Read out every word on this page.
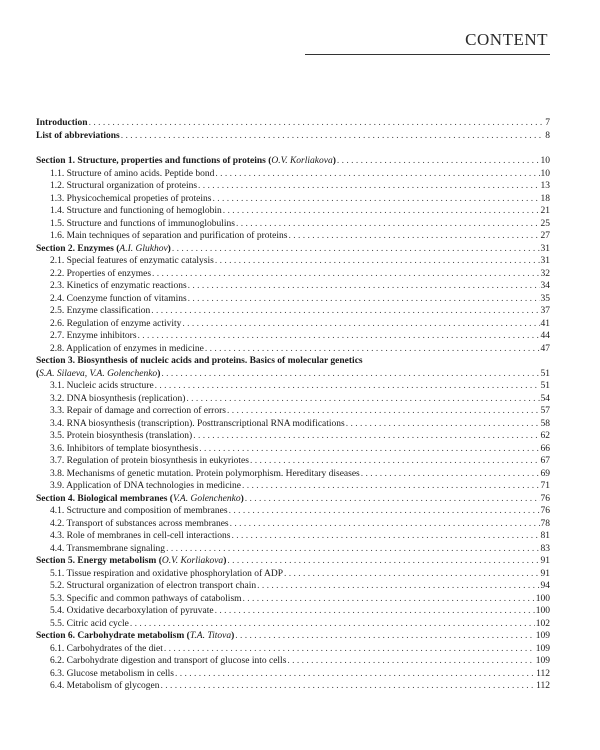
CONTENT
Introduction . . .	7
List of abbreviations . . .	8
Section 1. Structure, properties and functions of proteins (O.V. Korliakova) . . .	10
1.1. Structure of amino acids. Peptide bond . . .	10
1.2. Structural organization of proteins . . .	13
1.3. Physicochemical propeties of proteins . . .	18
1.4. Structure and functioning of hemoglobin . . .	21
1.5. Structure and functions of immunoglobulins . . .	25
1.6. Main techniques of separation and purification of proteins . . .	27
Section 2. Enzymes (A.I. Glukhov) . . .	31
2.1. Special features of enzymatic catalysis . . .	31
2.2. Properties of enzymes . . .	32
2.3. Kinetics of enzymatic reactions . . .	34
2.4. Coenzyme function of vitamins . . .	35
2.5. Enzyme classification . . .	37
2.6. Regulation of enzyme activity . . .	41
2.7. Enzyme inhibitors . . .	44
2.8. Application of enzymes in medicine . . .	47
Section 3. Biosynthesis of nucleic acids and proteins. Basics of molecular genetics
(S.A. Silaeva, V.A. Golenchenko) . . .	51
3.1. Nucleic acids structure . . .	51
3.2. DNA biosynthesis (replication) . . .	54
3.3. Repair of damage and correction of errors . . .	57
3.4. RNA biosynthesis (transcription). Posttranscriptional RNA modifications . . .	58
3.5. Protein biosynthesis (translation) . . .	62
3.6. Inhibitors of template biosynthesis . . .	66
3.7. Regulation of protein biosynthesis in eukyriotes . . .	67
3.8. Mechanisms of genetic mutation. Protein polymorphism. Hereditary diseases . . .	69
3.9. Application of DNA technologies in medicine . . .	71
Section 4. Biological membranes (V.A. Golenchenko) . . .	76
4.1. Sctructure and composition of membranes . . .	76
4.2. Transport of substances across membranes . . .	78
4.3. Role of membranes in cell-cell interactions . . .	81
4.4. Transmembrane signaling . . .	83
Section 5. Energy metabolism (O.V. Korliakova) . . .	91
5.1. Tissue respiration and oxidative phosphorylation of ADP . . .	91
5.2. Structural organization of electron transport chain . . .	94
5.3. Specific and common pathways of catabolism . . .	100
5.4. Oxidative decarboxylation of pyruvate . . .	100
5.5. Citric acid cycle . . .	102
Section 6. Carbohydrate metabolism (T.A. Titova) . . .	109
6.1. Carbohydrates of the diet . . .	109
6.2. Carbohydrate digestion and transport of glucose into cells . . .	109
6.3. Glucose metabolism in cells . . .	112
6.4. Metabolism of glycogen . . .	112
